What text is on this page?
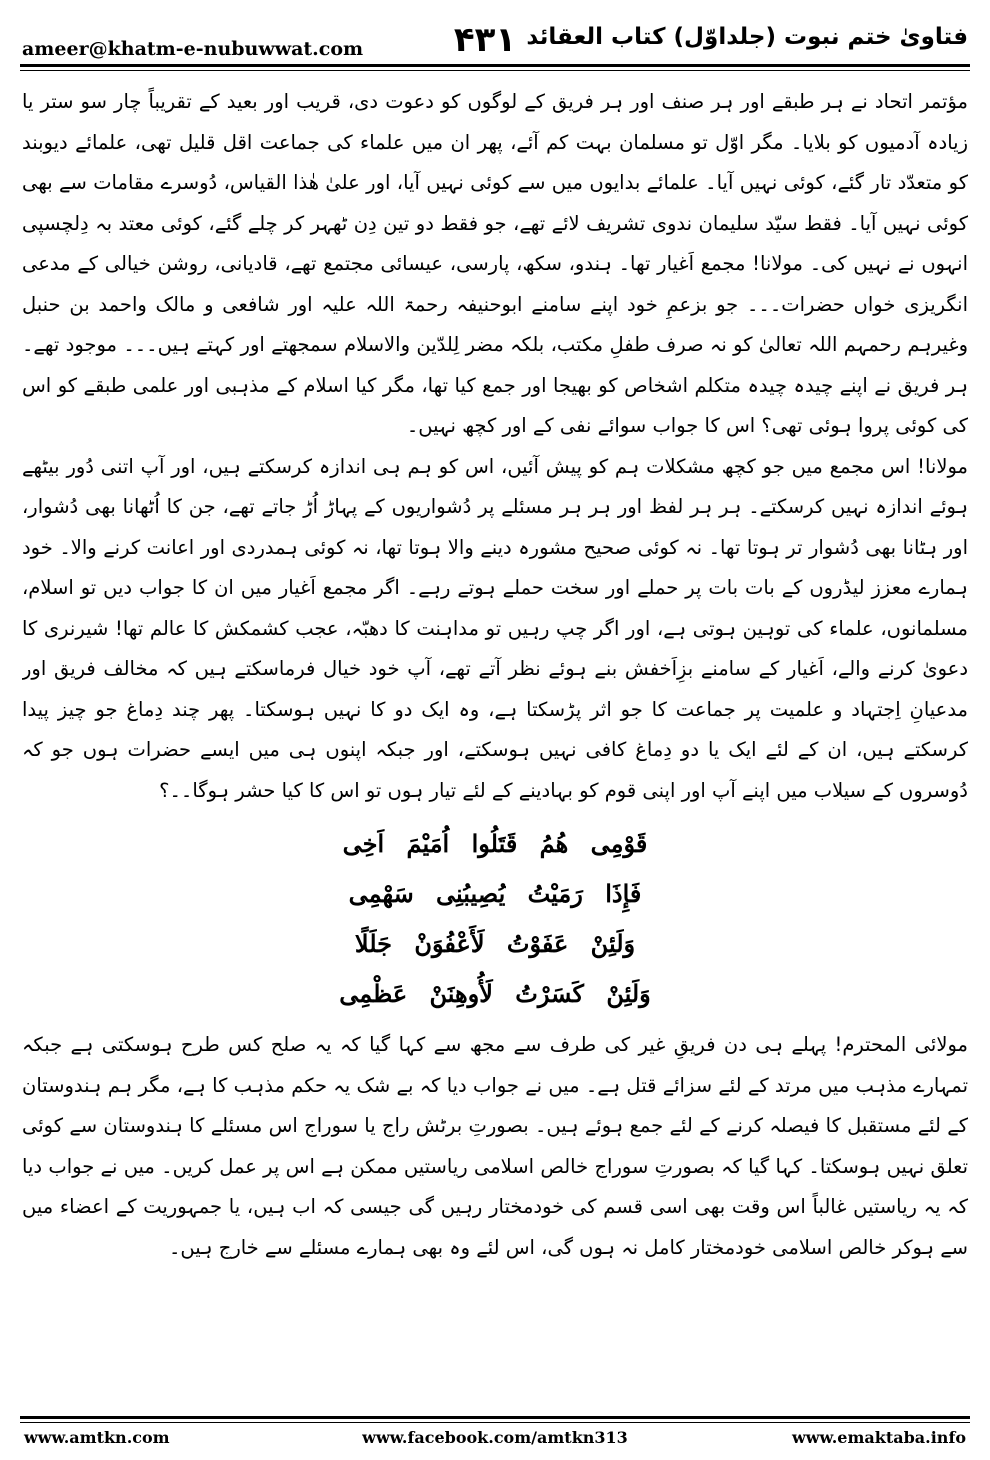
ameer@khatm-e-nubuwwat.com	۴۳۱ فتاویٰ ختم نبوت (جلداوّل) کتاب العقائد

مؤتمر اتحاد نے ہر طبقے اور ہر صنف اور ہر فریق کے لوگوں کو دعوت دی، قریب اور بعید کے تقریباً چار سو ستر یا زیادہ آدمیوں کو بلایا۔ مگر اوّل تو مسلمان بہت کم آئے، پھر ان میں علماء کی جماعت اقل قلیل تھی، علمائے دیوبند کو متعدّد تار گئے، کوئی نہیں آیا۔ علمائے بدایوں میں سے کوئی نہیں آیا، اور علیٰ ھٰذا القیاس، دُوسرے مقامات سے بھی کوئی نہیں آیا۔ فقط سیّد سلیمان ندوی تشریف لائے تھے، جو فقط دو تین دِن ٹھہر کر چلے گئے، کوئی معتد بہ دِلچسپی انہوں نے نہیں کی۔ مولانا! مجمع اَغیار تھا۔ ہندو، سکھ، پارسی، عیسائی مجتمع تھے، قادیانی، روشن خیالی کے مدعی انگریزی خواں حضرات۔۔۔ جو بزعمِ خود اپنے سامنے ابوحنیفہ رحمۃ اللہ علیہ اور شافعی و مالک واحمد بن حنبل وغیرہم رحمہم اللہ تعالیٰ کو نہ صرف طفلِ مکتب، بلکہ مضر لِلدّین والاسلام سمجھتے اور کہتے ہیں۔۔۔ موجود تھے۔ ہر فریق نے اپنے چیدہ چیدہ متکلم اشخاص کو بھیجا اور جمع کیا تھا، مگر کیا اسلام کے مذہبی اور علمی طبقے کو اس کی کوئی پروا ہوئی تھی؟ اس کا جواب سوائے نفی کے اور کچھ نہیں۔

مولانا! اس مجمع میں جو کچھ مشکلات ہم کو پیش آئیں، اس کو ہم ہی اندازہ کرسکتے ہیں، اور آپ اتنی دُور بیٹھے ہوئے اندازہ نہیں کرسکتے۔ ہر ہر لفظ اور ہر ہر مسئلے پر دُشواریوں کے پہاڑ اُڑ جاتے تھے، جن کا اُٹھانا بھی دُشوار، اور ہٹانا بھی دُشوار تر ہوتا تھا۔ نہ کوئی صحیح مشورہ دینے والا ہوتا تھا، نہ کوئی ہمدردی اور اعانت کرنے والا۔ خود ہمارے معزز لیڈروں کے بات بات پر حملے اور سخت حملے ہوتے رہے۔ اگر مجمع اَغیار میں ان کا جواب دیں تو اسلام، مسلمانوں، علماء کی توہین ہوتی ہے، اور اگر چپ رہیں تو مداہنت کا دھبّہ، عجب کشمکش کا عالم تھا! شیرنری کا دعویٰ کرنے والے، اَغیار کے سامنے بزِاَخفش بنے ہوئے نظر آتے تھے، آپ خود خیال فرماسکتے ہیں کہ مخالف فریق اور مدعیانِ اِجتہاد و علمیت پر جماعت کا جو اثر پڑسکتا ہے، وہ ایک دو کا نہیں ہوسکتا۔ پھر چند دِماغ جو چیز پیدا کرسکتے ہیں، ان کے لئے ایک یا دو دِماغ کافی نہیں ہوسکتے، اور جبکہ اپنوں ہی میں ایسے حضرات ہوں جو کہ دُوسروں کے سیلاب میں اپنے آپ اور اپنی قوم کو بہادینے کے لئے تیار ہوں تو اس کا کیا حشر ہوگا۔۔؟

قَوْمِی هُمُ قَتَلُوا اُمَیْمَ اَخِی
فَإِذَا رَمَیْتُ یُصِیبُنِی سَهْمِی
وَلَئِنْ عَفَوْتُ لَأَعْفُوَنْ جَلَلًا
وَلَئِنْ کَسَرْتُ لَأُوهِنَنْ عَظْمِی

مولائی المحترم! پہلے ہی دن فریقِ غیر کی طرف سے مجھ سے کہا گیا کہ یہ صلح کس طرح ہوسکتی ہے جبکہ تمہارے مذہب میں مرتد کے لئے سزائے قتل ہے۔ میں نے جواب دیا کہ بے شک یہ حکم مذہب کا ہے، مگر ہم ہندوستان کے لئے مستقبل کا فیصلہ کرنے کے لئے جمع ہوئے ہیں۔ بصورتِ برٹش راج یا سوراج اس مسئلے کا ہندوستان سے کوئی تعلق نہیں ہوسکتا۔ کہا گیا کہ بصورتِ سوراج خالص اسلامی ریاستیں ممکن ہے اس پر عمل کریں۔ میں نے جواب دیا کہ یہ ریاستیں غالباً اس وقت بھی اسی قسم کی خودمختار رہیں گی جیسی کہ اب ہیں، یا جمہوریت کے اعضاء میں سے ہوکر خالص اسلامی خودمختار کامل نہ ہوں گی، اس لئے وہ بھی ہمارے مسئلے سے خارج ہیں۔

www.amtkn.com	www.facebook.com/amtkn313	www.emaktaba.info
